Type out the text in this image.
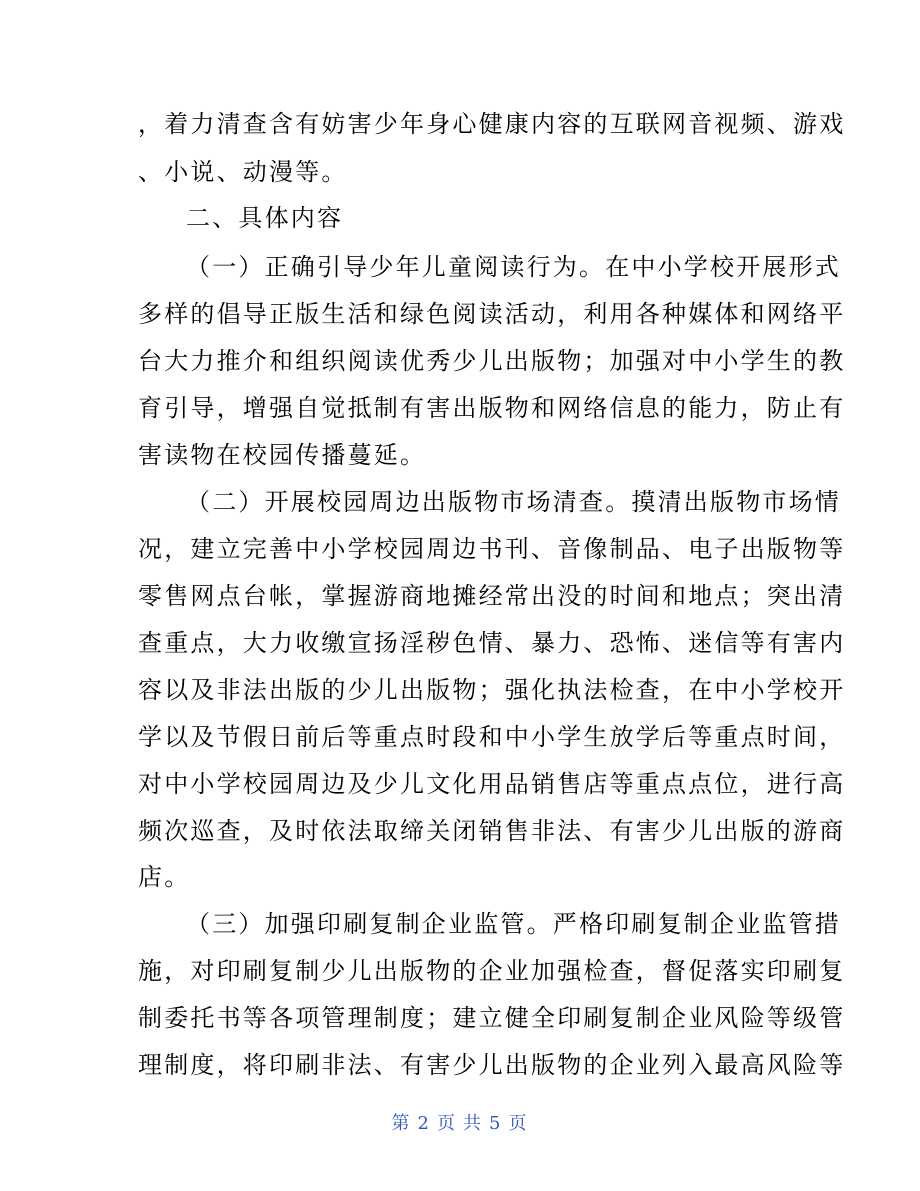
，着力清查含有妨害少年身心健康内容的互联网音视频、游戏
、小说、动漫等。
二、具体内容
（一）正确引导少年儿童阅读行为。在中小学校开展形式
多样的倡导正版生活和绿色阅读活动，利用各种媒体和网络平
台大力推介和组织阅读优秀少儿出版物；加强对中小学生的教
育引导，增强自觉抵制有害出版物和网络信息的能力，防止有
害读物在校园传播蔓延。
（二）开展校园周边出版物市场清查。摸清出版物市场情
况，建立完善中小学校园周边书刊、音像制品、电子出版物等
零售网点台帐，掌握游商地摊经常出没的时间和地点；突出清
查重点，大力收缴宣扬淫秽色情、暴力、恐怖、迷信等有害内
容以及非法出版的少儿出版物；强化执法检查，在中小学校开
学以及节假日前后等重点时段和中小学生放学后等重点时间，
对中小学校园周边及少儿文化用品销售店等重点点位，进行高
频次巡查，及时依法取缔关闭销售非法、有害少儿出版的游商
店。
（三）加强印刷复制企业监管。严格印刷复制企业监管措
施，对印刷复制少儿出版物的企业加强检查，督促落实印刷复
制委托书等各项管理制度；建立健全印刷复制企业风险等级管
理制度，将印刷非法、有害少儿出版物的企业列入最高风险等
第 2 页 共 5 页
